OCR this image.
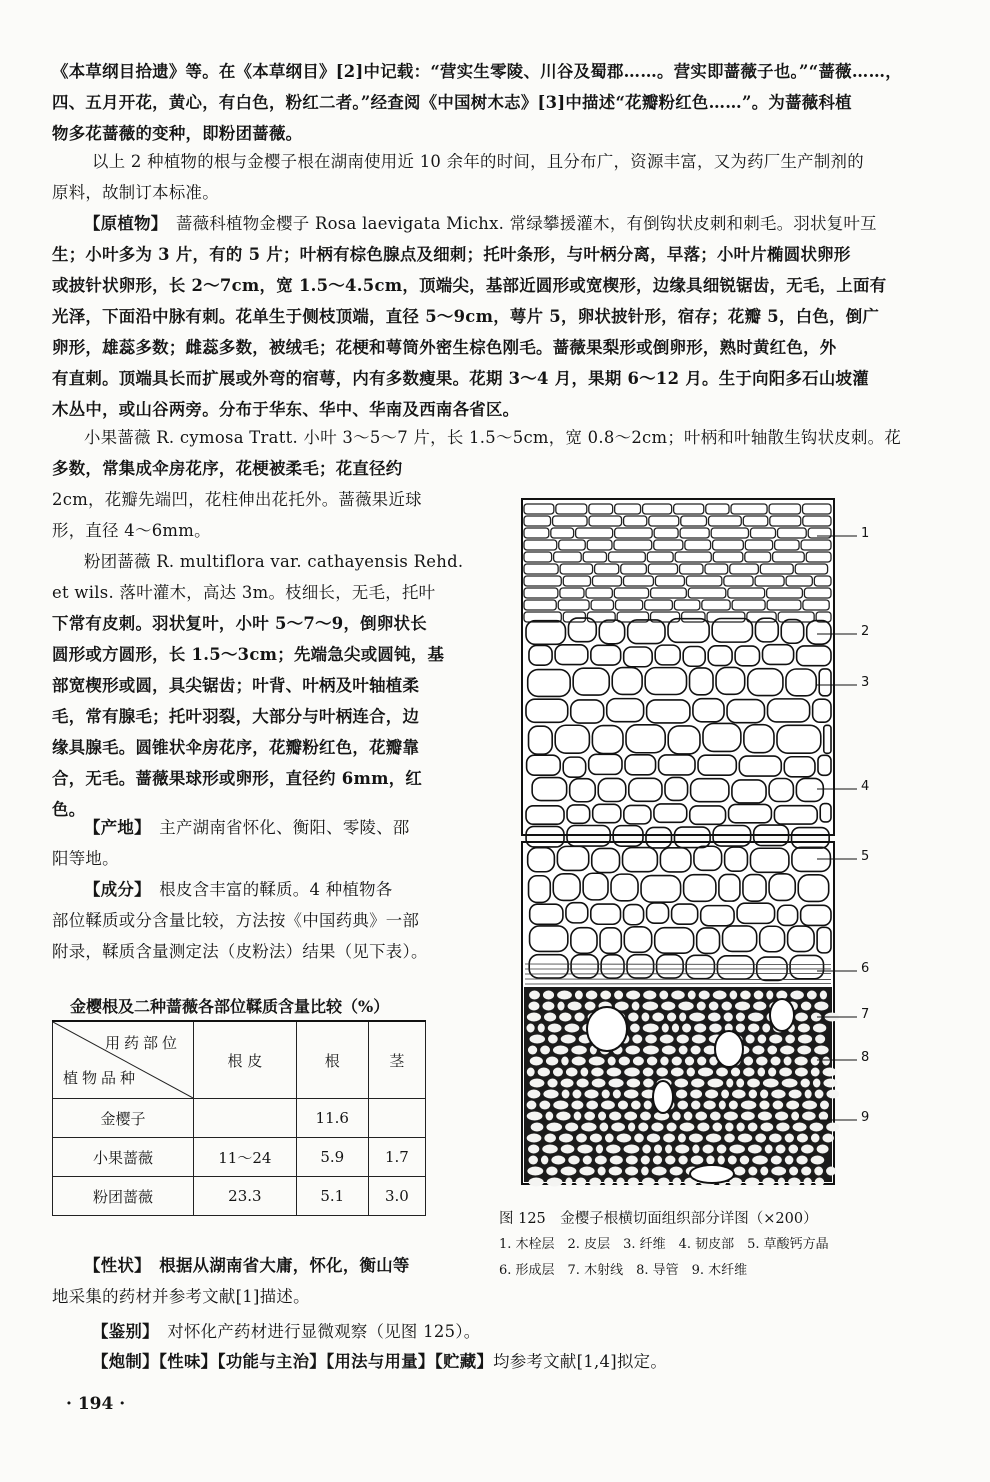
《本草纲目拾遗》等。在《本草纲目》[2]中记载：“营实生零陵、川谷及蜀郡……。营实即蔷薇子也。”“蔷薇……，
四、五月开花，黄心，有白色，粉红二者。”经查阅《中国树木志》[3]中描述“花瓣粉红色……”。为蔷薇科植
物多花蔷薇的变种，即粉团蔷薇。
以上 2 种植物的根与金樱子根在湖南使用近 10 余年的时间，且分布广，资源丰富，又为药厂生产制剂的
原料，故制订本标准。
【原植物】　 蔷薇科植物金樱子 Rosa laevigata Michx. 常绿攀援灌木，有倒钩状皮刺和刺毛。羽状复叶互
生；小叶多为 3 片，有的 5 片；叶柄有棕色腺点及细刺；托叶条形，与叶柄分离，早落；小叶片椭圆状卵形
或披针状卵形，长 2～7cm，宽 1.5～4.5cm，顶端尖，基部近圆形或宽楔形，边缘具细锐锯齿，无毛，上面有
光泽，下面沿中脉有刺。花单生于侧枝顶端，直径 5～9cm，萼片 5，卵状披针形，宿存；花瓣 5，白色，倒广
卵形，雄蕊多数；雌蕊多数，被绒毛；花梗和萼筒外密生棕色刚毛。蔷薇果梨形或倒卵形，熟时黄红色，外
有直刺。顶端具长而扩展或外弯的宿萼，内有多数瘦果。花期 3～4 月，果期 6～12 月。生于向阳多石山坡灌
木丛中，或山谷两旁。分布于华东、华中、华南及西南各省区。
小果蔷薇 R. cymosa Tratt. 小叶 3～5～7 片，长 1.5～5cm，宽 0.8～2cm；叶柄和叶轴散生钩状皮刺。花
多数，常集成伞房花序，花梗被柔毛；花直径约
2cm，花瓣先端凹，花柱伸出花托外。蔷薇果近球
形，直径 4～6mm。
粉团蔷薇 R. multiflora var. cathayensis Rehd.
et wils. 落叶灌木，高达 3m。枝细长，无毛，托叶
下常有皮刺。羽状复叶，小叶 5～7～9，倒卵状长
圆形或方圆形，长 1.5～3cm；先端急尖或圆钝，基
部宽楔形或圆，具尖锯齿；叶背、叶柄及叶轴植柔
毛，常有腺毛；托叶羽裂，大部分与叶柄连合，边
缘具腺毛。圆锥状伞房花序，花瓣粉红色，花瓣靠
合，无毛。蔷薇果球形或卵形，直径约 6mm，红
色。
【产地】　 主产湖南省怀化、衡阳、零陵、邵
阳等地。
【成分】　 根皮含丰富的鞣质。4 种植物各
部位鞣质或分含量比较，方法按《中国药典》一部
附录，鞣质含量测定法（皮粉法）结果（见下表）。
金樱根及二种蔷薇各部位鞣质含量比较（%）
用药部位
植物品种	根 皮	根	茎
金樱子		11.6	
小果蔷薇	11～24	5.9	1.7
粉团蔷薇	23.3	5.1	3.0
1
2
3
4
5
6
7
8
9
图 125　金樱子根横切面组织部分详图（×200）
1. 木栓层　2. 皮层　3. 纤维　4. 韧皮部　5. 草酸钙方晶
6. 形成层　7. 木射线　8. 导管　9. 木纤维
【性状】　 根据从湖南省大庸，怀化，衡山等
地采集的药材并参考文献[1]描述。
【鉴别】　 对怀化产药材进行显微观察（见图 125）。
【炮制】【性味】【功能与主治】【用法与用量】【贮藏】均参考文献[1,4]拟定。
· 194 ·
